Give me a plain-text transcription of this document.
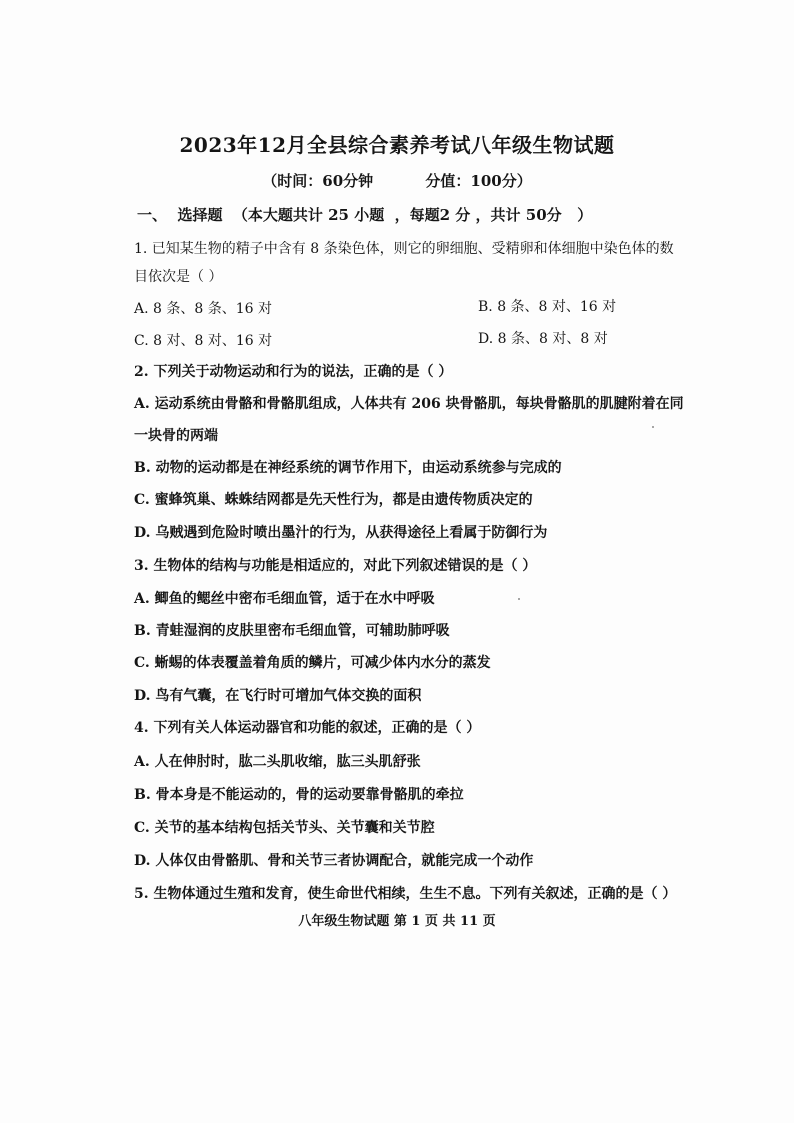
2023年12月全县综合素养考试八年级生物试题
（时间：60分钟          分值：100分）
一、  选择题  （本大题共计 25 小题  ，每题2 分 ，共计 50分   ）
1. 已知某生物的精子中含有 8 条染色体，则它的卵细胞、受精卵和体细胞中染色体的数
目依次是（ ）
A. 8 条、8 条、16 对	B. 8 条、8 对、16 对
C. 8 对、8 对、16 对	D. 8 条、8 对、8 对
2. 下列关于动物运动和行为的说法，正确的是（ ）
A. 运动系统由骨骼和骨骼肌组成，人体共有 206 块骨骼肌，每块骨骼肌的肌腱附着在同
一块骨的两端
B. 动物的运动都是在神经系统的调节作用下，由运动系统参与完成的
C. 蜜蜂筑巢、蛛蛛结网都是先天性行为，都是由遗传物质决定的
D. 乌贼遇到危险时喷出墨汁的行为，从获得途径上看属于防御行为
3. 生物体的结构与功能是相适应的，对此下列叙述错误的是（ ）
A. 鲫鱼的鳃丝中密布毛细血管，适于在水中呼吸
B. 青蛙湿润的皮肤里密布毛细血管，可辅助肺呼吸
C. 蜥蜴的体表覆盖着角质的鳞片，可减少体内水分的蒸发
D. 鸟有气囊，在飞行时可增加气体交换的面积
4. 下列有关人体运动器官和功能的叙述，正确的是（ ）
A. 人在伸肘时，肱二头肌收缩，肱三头肌舒张
B. 骨本身是不能运动的，骨的运动要靠骨骼肌的牵拉
C. 关节的基本结构包括关节头、关节囊和关节腔
D. 人体仅由骨骼肌、骨和关节三者协调配合，就能完成一个动作
5. 生物体通过生殖和发育，使生命世代相续，生生不息。下列有关叙述，正确的是（ ）
八年级生物试题 第 1 页 共 11 页
